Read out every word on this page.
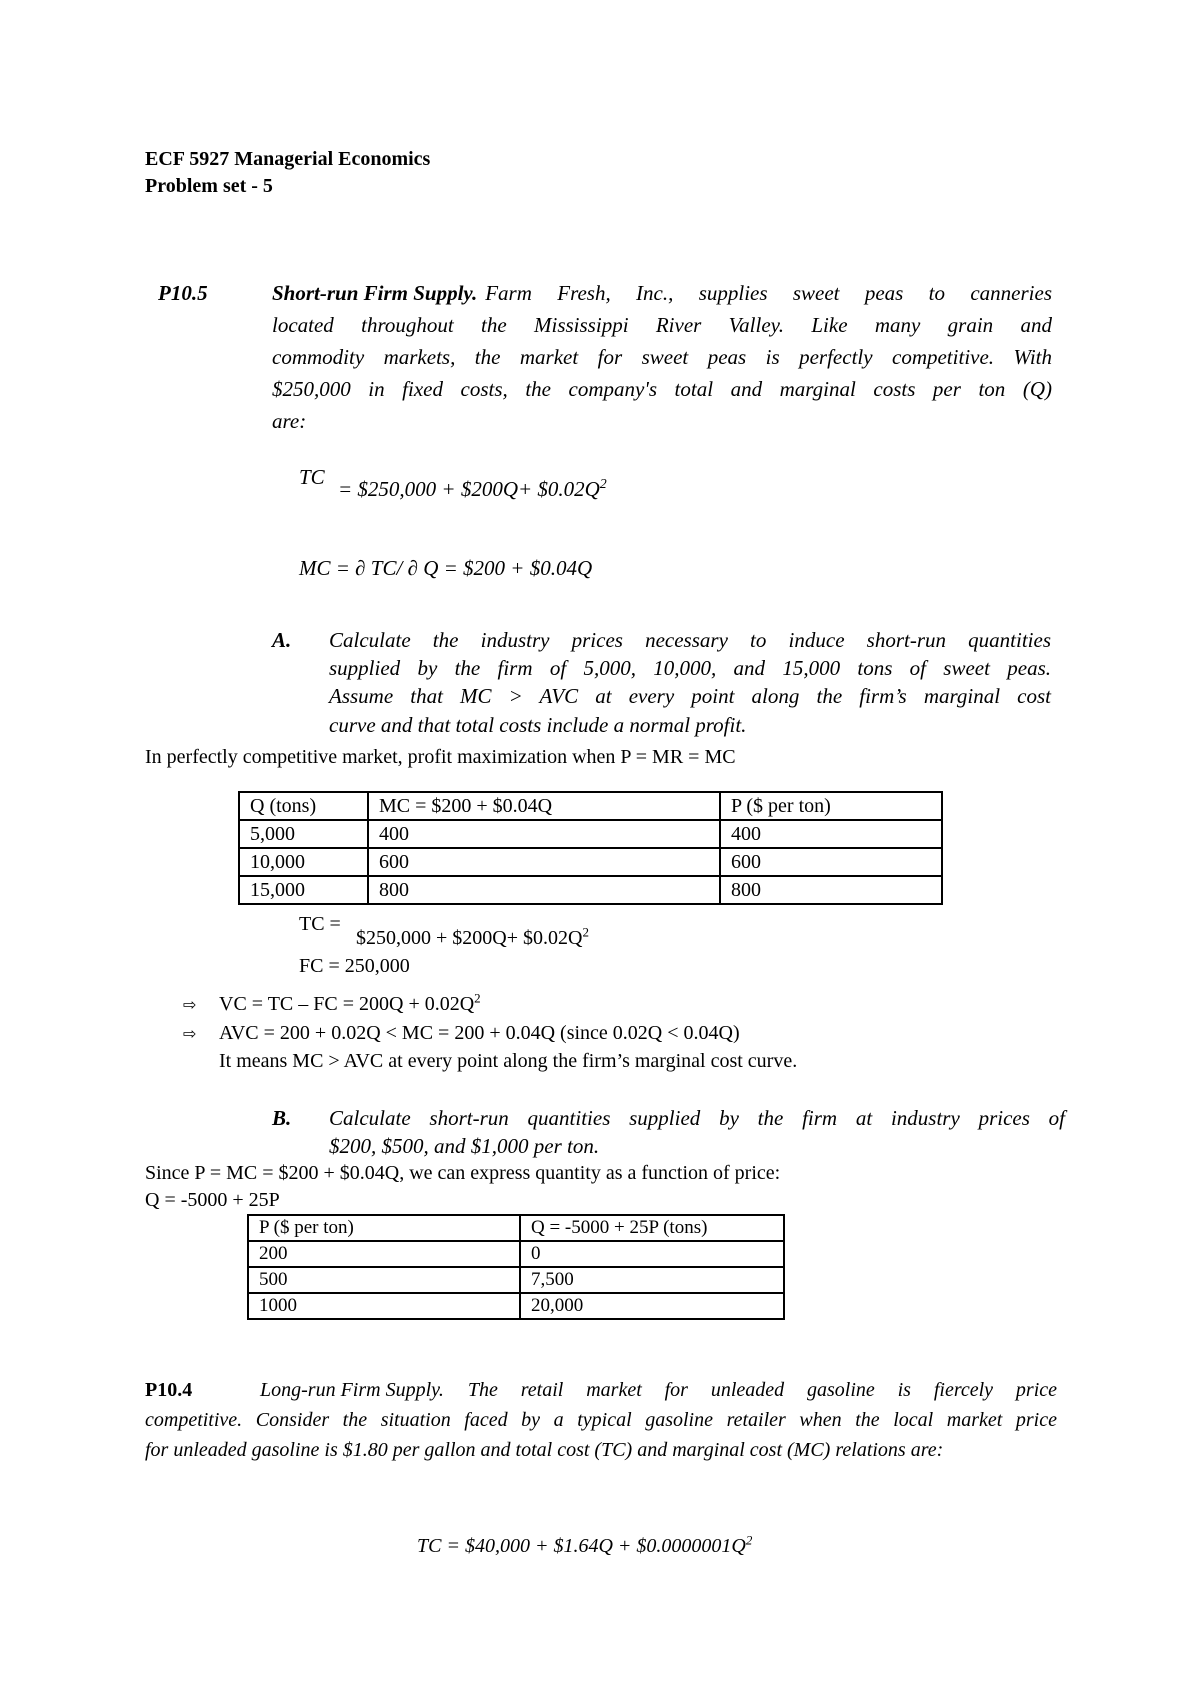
ECF 5927 Managerial Economics
Problem set - 5
P10.5	Short-run Firm Supply. Farm Fresh, Inc., supplies sweet peas to canneries
located throughout the Mississippi River Valley. Like many grain and
commodity markets, the market for sweet peas is perfectly competitive. With
$250,000 in fixed costs, the company's total and marginal costs per ton (Q)
are:
TC = $250,000 + $200Q+ $\$0.02Q^2$
MC = ∂ TC/ ∂ Q = $200 + $0.04Q
A. Calculate the industry prices necessary to induce short-run quantities
supplied by the firm of 5,000, 10,000, and 15,000 tons of sweet peas.
Assume that MC > AVC at every point along the firm’s marginal cost
curve and that total costs include a normal profit.
In perfectly competitive market, profit maximization when P = MR = MC
Q (tons)	MC = $200 + $0.04Q	P ($ per ton)
5,000	400	400
10,000	600	600
15,000	800	800
TC =
$250,000 + $200Q+ $\$0.02Q^2$
FC = 250,000
⇨ VC = TC – FC = $200Q + 0.02Q^2$
⇨ AVC = 200 + 0.02Q < MC = 200 + 0.04Q (since 0.02Q < 0.04Q)
It means MC > AVC at every point along the firm’s marginal cost curve.
B. Calculate short-run quantities supplied by the firm at industry prices of
$200, $500, and $1,000 per ton.
Since P = MC = $200 + $0.04Q, we can express quantity as a function of price:
Q = -5000 + 25P
P ($ per ton)	Q = -5000 + 25P (tons)
200	0
500	7,500
1000	20,000
P10.4	Long-run Firm Supply. The retail market for unleaded gasoline is fiercely price
competitive. Consider the situation faced by a typical gasoline retailer when the local market price
for unleaded gasoline is $1.80 per gallon and total cost (TC) and marginal cost (MC) relations are:
TC = $40,000 + $1.64Q + $\$0.0000001Q^2$
